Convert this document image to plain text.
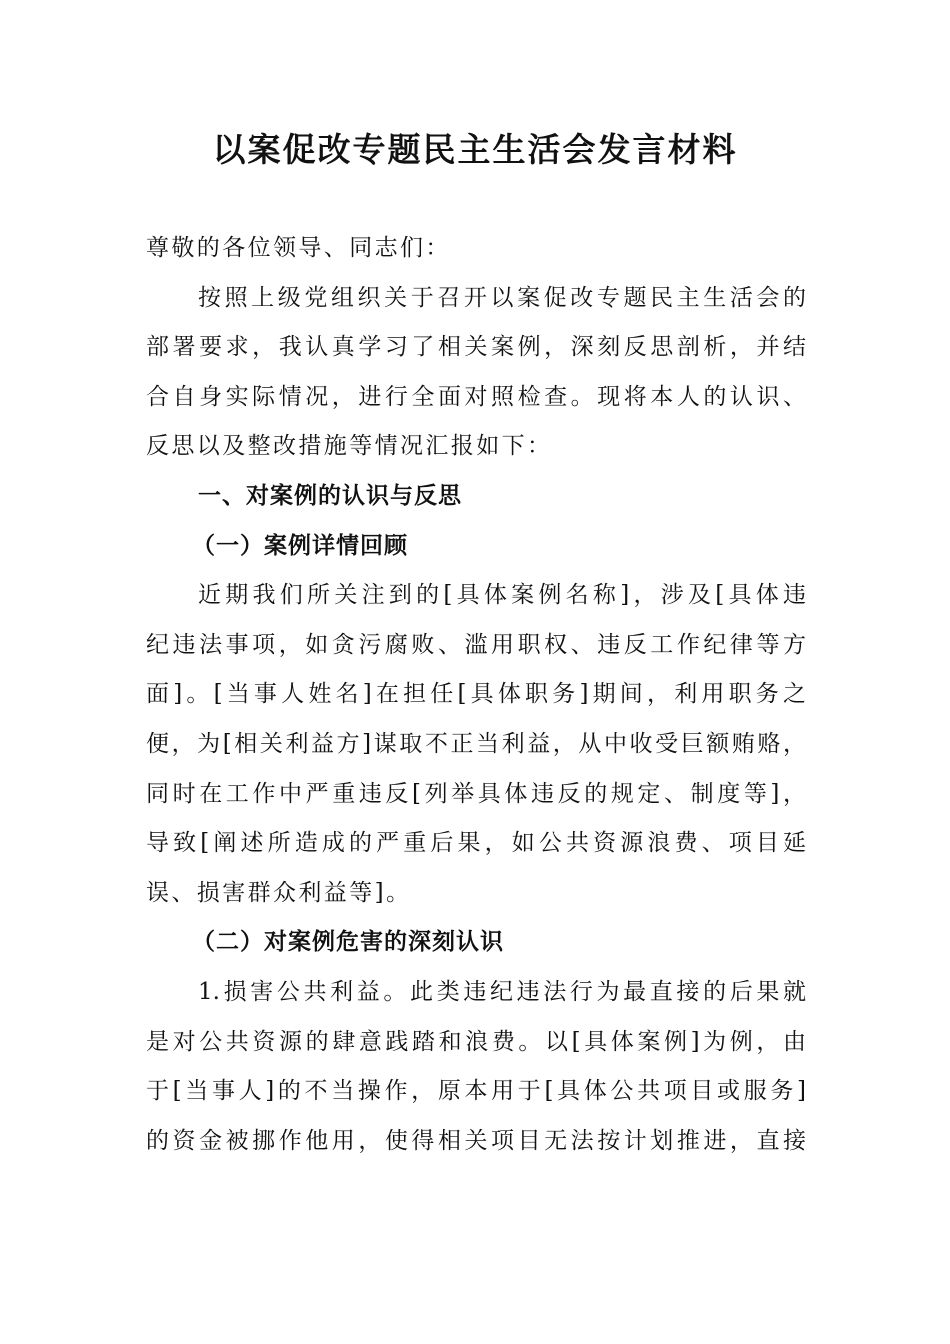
以案促改专题民主生活会发言材料

尊敬的各位领导、同志们：

按照上级党组织关于召开以案促改专题民主生活会的

部署要求，我认真学习了相关案例，深刻反思剖析，并结

合自身实际情况，进行全面对照检查。现将本人的认识、

反思以及整改措施等情况汇报如下：

一、对案例的认识与反思

（一）案例详情回顾

近期我们所关注到的[具体案例名称]，涉及[具体违

纪违法事项，如贪污腐败、滥用职权、违反工作纪律等方

面]。[当事人姓名]在担任[具体职务]期间，利用职务之

便，为[相关利益方]谋取不正当利益，从中收受巨额贿赂，

同时在工作中严重违反[列举具体违反的规定、制度等]，

导致[阐述所造成的严重后果，如公共资源浪费、项目延

误、损害群众利益等]。

（二）对案例危害的深刻认识

1.损害公共利益。此类违纪违法行为最直接的后果就

是对公共资源的肆意践踏和浪费。以[具体案例]为例，由

于[当事人]的不当操作，原本用于[具体公共项目或服务]

的资金被挪作他用，使得相关项目无法按计划推进，直接
